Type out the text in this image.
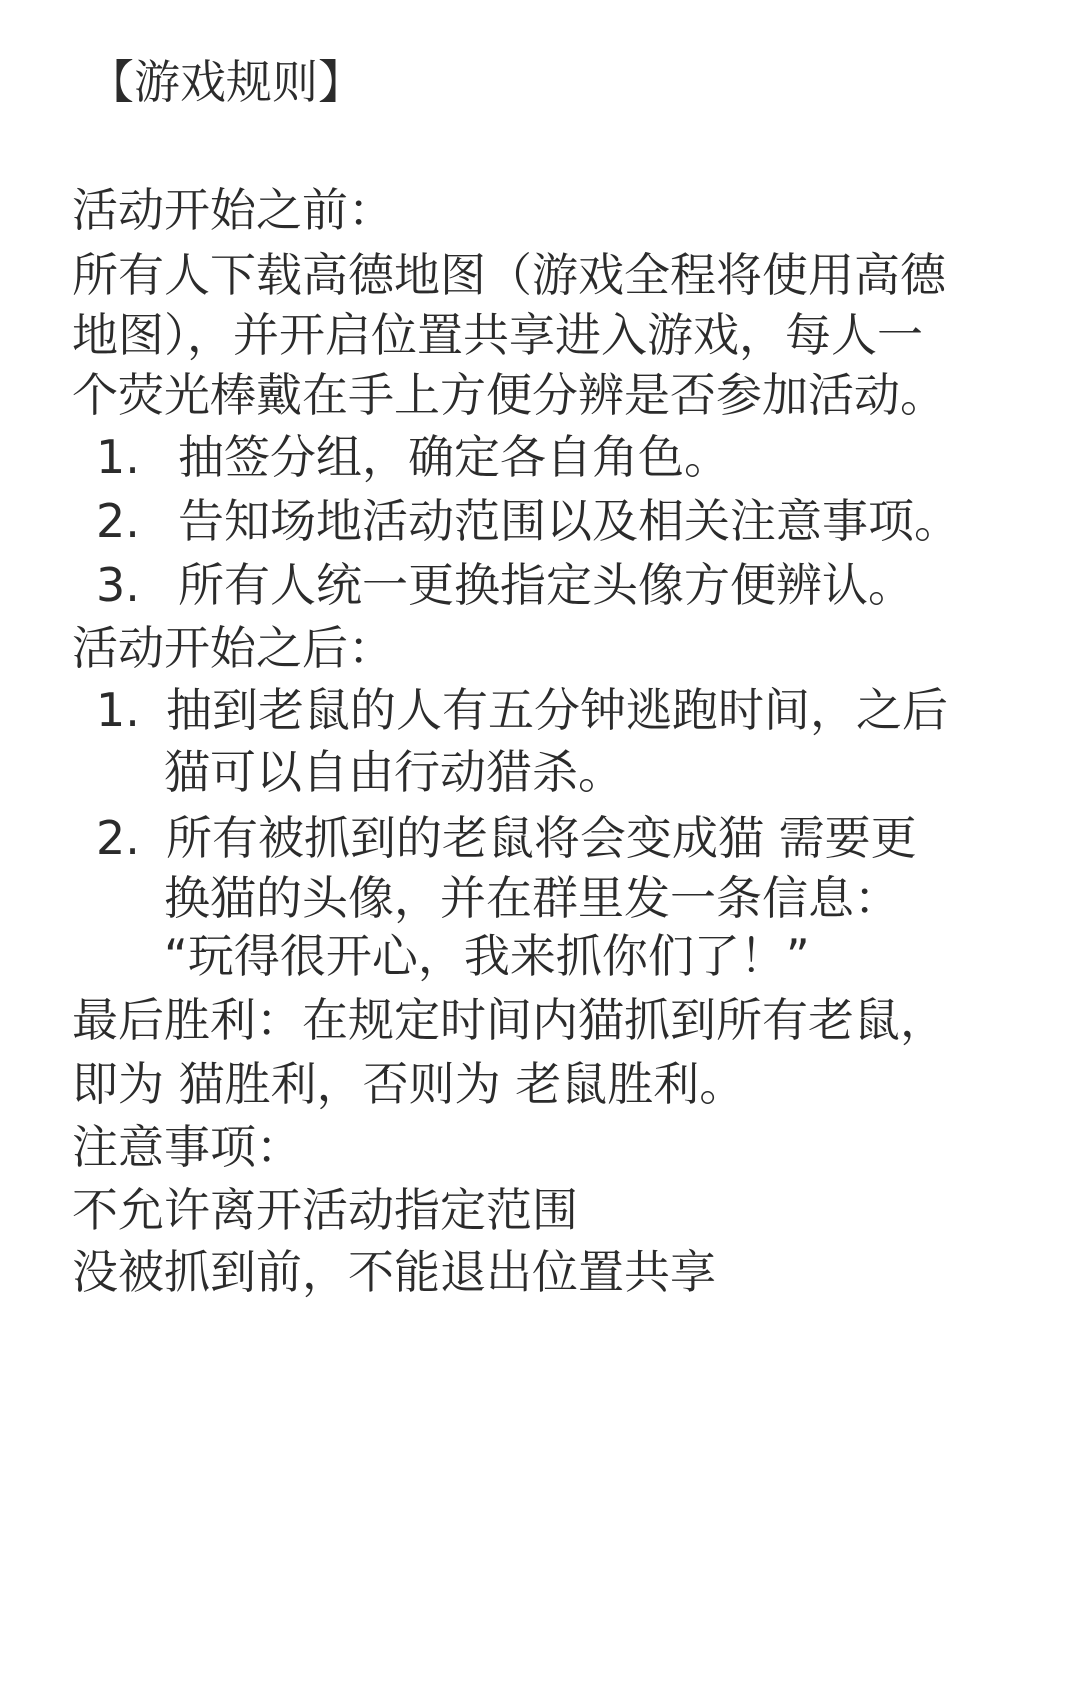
【游戏规则】
活动开始之前：
所有人下载高德地图（游戏全程将使用高德
地图），并开启位置共享进入游戏，每人一
个荧光棒戴在手上方便分辨是否参加活动。
1. 抽签分组，确定各自角色。
2. 告知场地活动范围以及相关注意事项。
3. 所有人统一更换指定头像方便辨认。
活动开始之后：
1. 抽到老鼠的人有五分钟逃跑时间，之后
猫可以自由行动猎杀。
2. 所有被抓到的老鼠将会变成猫 需要更
换猫的头像，并在群里发一条信息：
“玩得很开心，我来抓你们了！”
最后胜利：在规定时间内猫抓到所有老鼠，
即为 猫胜利，否则为 老鼠胜利。
注意事项：
不允许离开活动指定范围
没被抓到前，不能退出位置共享
